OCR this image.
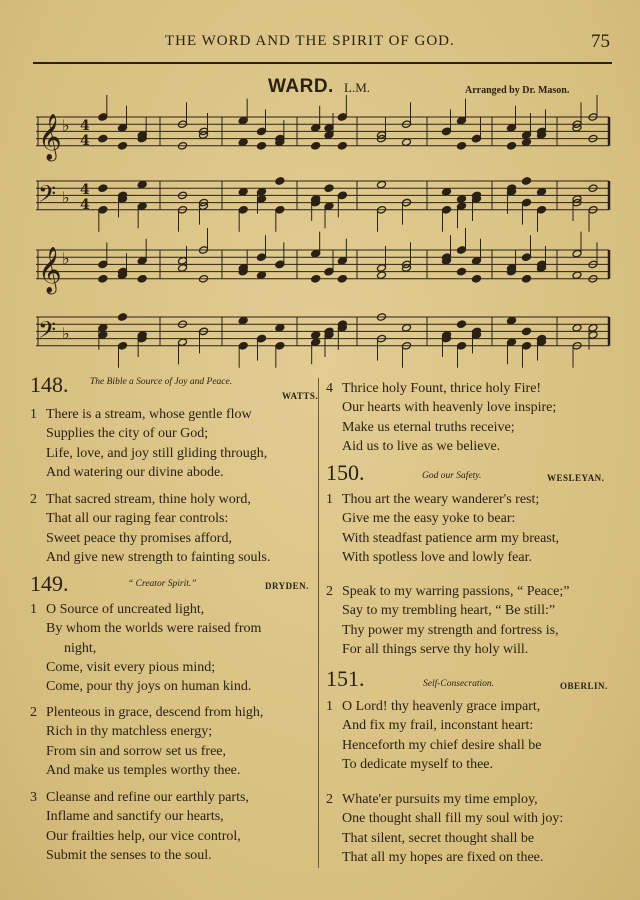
THE WORD AND THE SPIRIT OF GOD.	75
WARD. L.M.	Arranged by Dr. Mason.
𝄞 ♭ 4
4
𝄢 ♭ 4
4
𝄞 ♭
𝄢 ♭
148. The Bible a Source of Joy and Peace.
WATTS.
1 There is a stream, whose gentle flow
Supplies the city of our God;
Life, love, and joy still gliding through,
And watering our divine abode.
2 That sacred stream, thine holy word,
That all our raging fear controls:
Sweet peace thy promises afford,
And give new strength to fainting souls.
149.	“ Creator Spirit.”	DRYDEN.
1 O Source of uncreated light,
By whom the worlds were raised from
night,
Come, visit every pious mind;
Come, pour thy joys on human kind.
2 Plenteous in grace, descend from high,
Rich in thy matchless energy;
From sin and sorrow set us free,
And make us temples worthy thee.
3 Cleanse and refine our earthly parts,
Inflame and sanctify our hearts,
Our frailties help, our vice control,
Submit the senses to the soul.
4 Thrice holy Fount, thrice holy Fire!
Our hearts with heavenly love inspire;
Make us eternal truths receive;
Aid us to live as we believe.
150.	God our Safety.	WESLEYAN.
1 Thou art the weary wanderer's rest;
Give me the easy yoke to bear:
With steadfast patience arm my breast,
With spotless love and lowly fear.
2 Speak to my warring passions, “ Peace;”
Say to my trembling heart, “ Be still:”
Thy power my strength and fortress is,
For all things serve thy holy will.
151.	Self-Consecration.	OBERLIN.
1 O Lord! thy heavenly grace impart,
And fix my frail, inconstant heart:
Henceforth my chief desire shall be
To dedicate myself to thee.
2 Whate'er pursuits my time employ,
One thought shall fill my soul with joy:
That silent, secret thought shall be
That all my hopes are fixed on thee.
